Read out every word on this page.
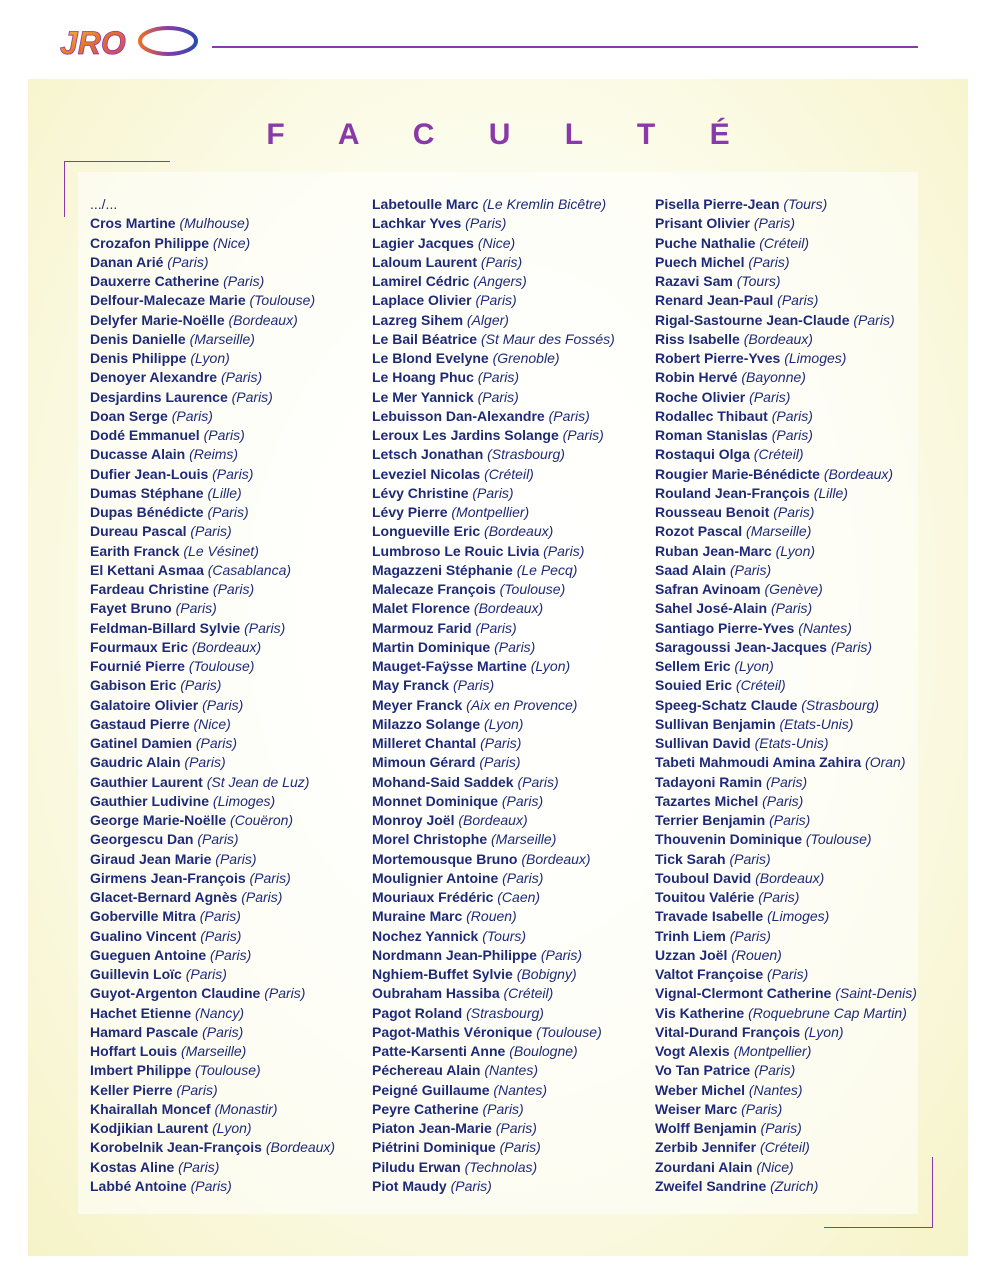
JRO
F A C U L T É
.../...
Cros Martine (Mulhouse)
Crozafon Philippe (Nice)
Danan Arié (Paris)
Dauxerre Catherine (Paris)
Delfour-Malecaze Marie (Toulouse)
Delyfer Marie-Noëlle (Bordeaux)
Denis Danielle (Marseille)
Denis Philippe (Lyon)
Denoyer Alexandre (Paris)
Desjardins Laurence (Paris)
Doan Serge (Paris)
Dodé Emmanuel (Paris)
Ducasse Alain (Reims)
Dufier Jean-Louis (Paris)
Dumas Stéphane (Lille)
Dupas Bénédicte (Paris)
Dureau Pascal (Paris)
Earith Franck (Le Vésinet)
El Kettani Asmaa (Casablanca)
Fardeau Christine (Paris)
Fayet Bruno (Paris)
Feldman-Billard Sylvie (Paris)
Fourmaux Eric (Bordeaux)
Fournié Pierre (Toulouse)
Gabison Eric (Paris)
Galatoire Olivier (Paris)
Gastaud Pierre (Nice)
Gatinel Damien (Paris)
Gaudric Alain (Paris)
Gauthier Laurent (St Jean de Luz)
Gauthier Ludivine (Limoges)
George Marie-Noëlle (Couëron)
Georgescu Dan (Paris)
Giraud Jean Marie (Paris)
Girmens Jean-François (Paris)
Glacet-Bernard Agnès (Paris)
Goberville Mitra (Paris)
Gualino Vincent (Paris)
Gueguen Antoine (Paris)
Guillevin Loïc (Paris)
Guyot-Argenton Claudine (Paris)
Hachet Etienne (Nancy)
Hamard Pascale (Paris)
Hoffart Louis (Marseille)
Imbert Philippe (Toulouse)
Keller Pierre (Paris)
Khairallah Moncef (Monastir)
Kodjikian Laurent (Lyon)
Korobelnik Jean-François (Bordeaux)
Kostas Aline (Paris)
Labbé Antoine (Paris)
Labetoulle Marc (Le Kremlin Bicêtre)
Lachkar Yves (Paris)
Lagier Jacques (Nice)
Laloum Laurent (Paris)
Lamirel Cédric (Angers)
Laplace Olivier (Paris)
Lazreg Sihem (Alger)
Le Bail Béatrice (St Maur des Fossés)
Le Blond Evelyne (Grenoble)
Le Hoang Phuc (Paris)
Le Mer Yannick (Paris)
Lebuisson Dan-Alexandre (Paris)
Leroux Les Jardins Solange (Paris)
Letsch Jonathan (Strasbourg)
Leveziel Nicolas (Créteil)
Lévy Christine (Paris)
Lévy Pierre (Montpellier)
Longueville Eric (Bordeaux)
Lumbroso Le Rouic Livia (Paris)
Magazzeni Stéphanie (Le Pecq)
Malecaze François (Toulouse)
Malet Florence (Bordeaux)
Marmouz Farid (Paris)
Martin Dominique (Paris)
Mauget-Faÿsse Martine (Lyon)
May Franck (Paris)
Meyer Franck (Aix en Provence)
Milazzo Solange (Lyon)
Milleret Chantal (Paris)
Mimoun Gérard (Paris)
Mohand-Said Saddek (Paris)
Monnet Dominique (Paris)
Monroy Joël (Bordeaux)
Morel Christophe (Marseille)
Mortemousque Bruno (Bordeaux)
Moulignier Antoine (Paris)
Mouriaux Frédéric (Caen)
Muraine Marc (Rouen)
Nochez Yannick (Tours)
Nordmann Jean-Philippe (Paris)
Nghiem-Buffet Sylvie (Bobigny)
Oubraham Hassiba (Créteil)
Pagot Roland (Strasbourg)
Pagot-Mathis Véronique (Toulouse)
Patte-Karsenti Anne (Boulogne)
Péchereau Alain (Nantes)
Peigné Guillaume (Nantes)
Peyre Catherine (Paris)
Piaton Jean-Marie (Paris)
Piétrini Dominique (Paris)
Piludu Erwan (Technolas)
Piot Maudy (Paris)
Pisella Pierre-Jean (Tours)
Prisant Olivier (Paris)
Puche Nathalie (Créteil)
Puech Michel (Paris)
Razavi Sam (Tours)
Renard Jean-Paul (Paris)
Rigal-Sastourne Jean-Claude (Paris)
Riss Isabelle (Bordeaux)
Robert Pierre-Yves (Limoges)
Robin Hervé (Bayonne)
Roche Olivier (Paris)
Rodallec Thibaut (Paris)
Roman Stanislas (Paris)
Rostaqui Olga (Créteil)
Rougier Marie-Bénédicte (Bordeaux)
Rouland Jean-François (Lille)
Rousseau Benoit (Paris)
Rozot Pascal (Marseille)
Ruban Jean-Marc (Lyon)
Saad Alain (Paris)
Safran Avinoam (Genève)
Sahel José-Alain (Paris)
Santiago Pierre-Yves (Nantes)
Saragoussi Jean-Jacques (Paris)
Sellem Eric (Lyon)
Souied Eric (Créteil)
Speeg-Schatz Claude (Strasbourg)
Sullivan Benjamin (Etats-Unis)
Sullivan David (Etats-Unis)
Tabeti Mahmoudi Amina Zahira (Oran)
Tadayoni Ramin (Paris)
Tazartes Michel (Paris)
Terrier Benjamin (Paris)
Thouvenin Dominique (Toulouse)
Tick Sarah (Paris)
Touboul David (Bordeaux)
Touitou Valérie (Paris)
Travade Isabelle (Limoges)
Trinh Liem (Paris)
Uzzan Joël (Rouen)
Valtot Françoise (Paris)
Vignal-Clermont Catherine (Saint-Denis)
Vis Katherine (Roquebrune Cap Martin)
Vital-Durand François (Lyon)
Vogt Alexis (Montpellier)
Vo Tan Patrice (Paris)
Weber Michel (Nantes)
Weiser Marc (Paris)
Wolff Benjamin (Paris)
Zerbib Jennifer (Créteil)
Zourdani Alain (Nice)
Zweifel Sandrine (Zurich)
